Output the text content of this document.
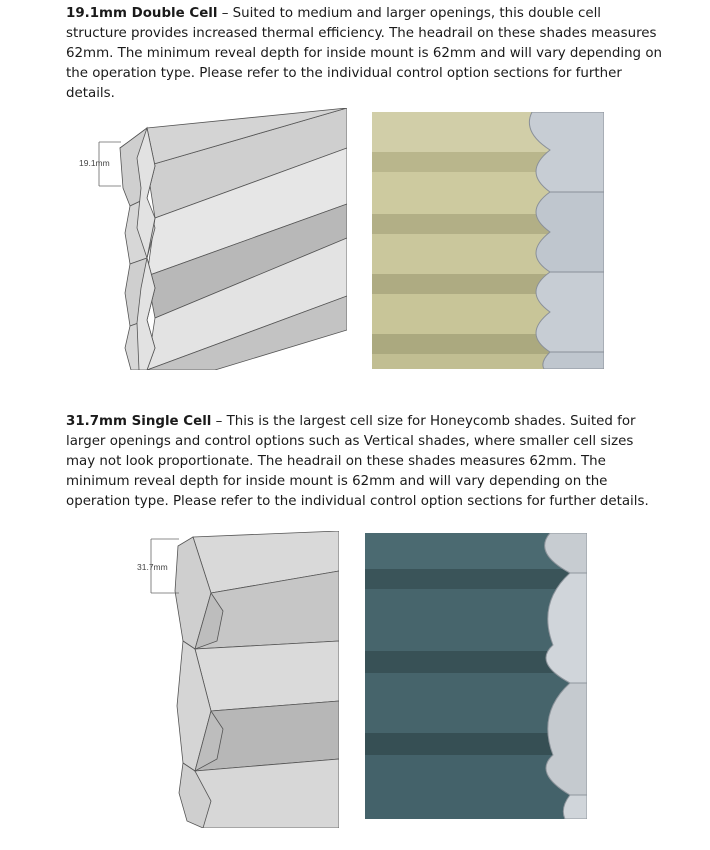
19.1mm Double Cell – Suited to medium and larger openings, this double cell structure provides increased thermal efficiency. The headrail on these shades measures 62mm. The minimum reveal depth for inside mount is 62mm and will vary depending on the operation type. Please refer to the individual control option sections for further details.

19.1mm

31.7mm Single Cell – This is the largest cell size for Honeycomb shades. Suited for larger openings and control options such as Vertical shades, where smaller cell sizes may not look proportionate. The headrail on these shades measures 62mm. The minimum reveal depth for inside mount is 62mm and will vary depending on the operation type. Please refer to the individual control option sections for further details.

31.7mm
